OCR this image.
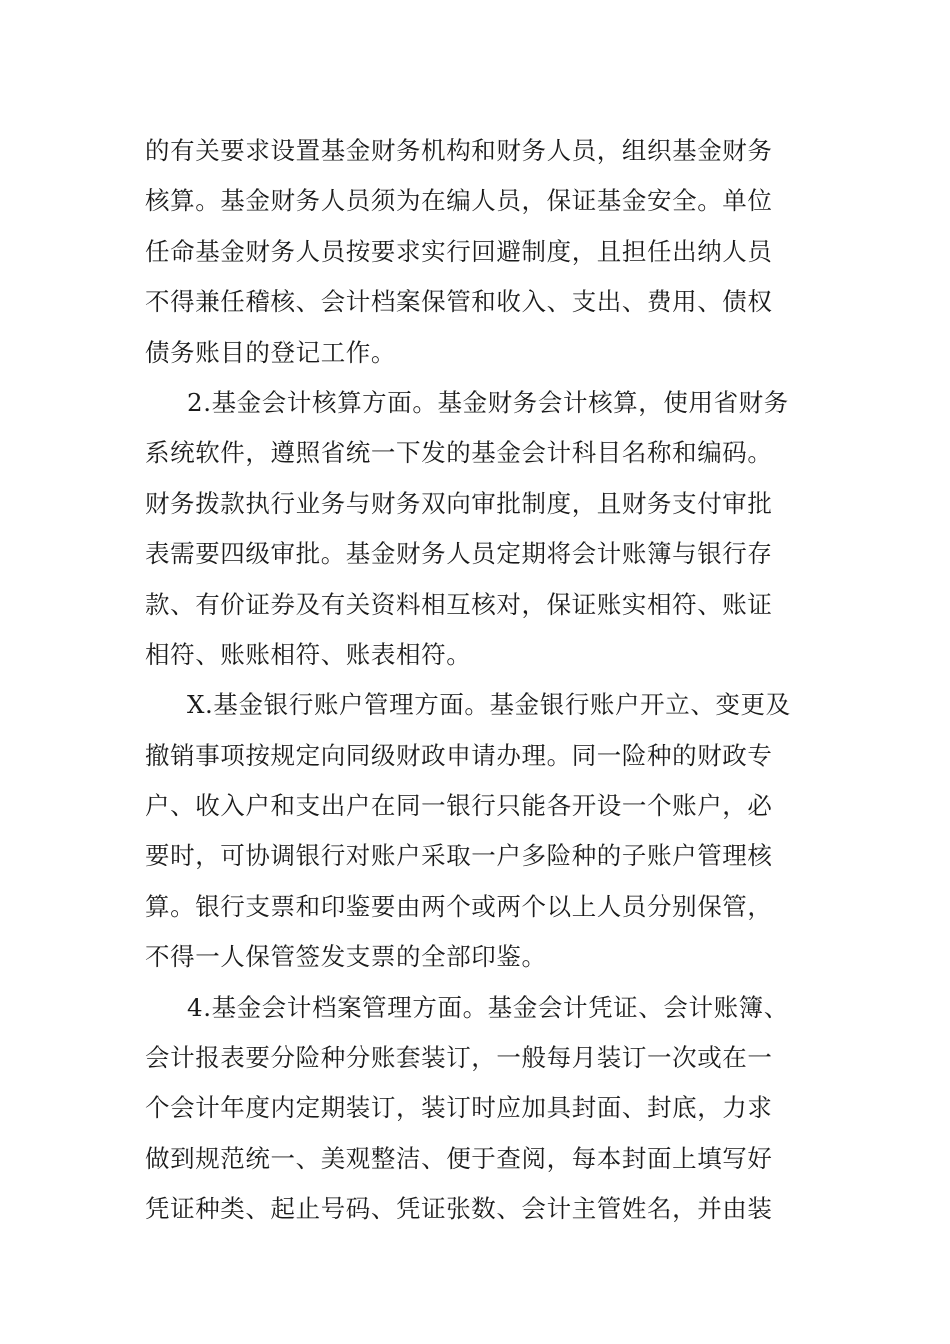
的有关要求设置基金财务机构和财务人员，组织基金财务
核算。基金财务人员须为在编人员，保证基金安全。单位
任命基金财务人员按要求实行回避制度，且担任出纳人员
不得兼任稽核、会计档案保管和收入、支出、费用、债权
债务账目的登记工作。
2.基金会计核算方面。基金财务会计核算，使用省财务
系统软件，遵照省统一下发的基金会计科目名称和编码。
财务拨款执行业务与财务双向审批制度，且财务支付审批
表需要四级审批。基金财务人员定期将会计账簿与银行存
款、有价证券及有关资料相互核对，保证账实相符、账证
相符、账账相符、账表相符。
X.基金银行账户管理方面。基金银行账户开立、变更及
撤销事项按规定向同级财政申请办理。同一险种的财政专
户、收入户和支出户在同一银行只能各开设一个账户，必
要时，可协调银行对账户采取一户多险种的子账户管理核
算。银行支票和印鉴要由两个或两个以上人员分别保管，
不得一人保管签发支票的全部印鉴。
4.基金会计档案管理方面。基金会计凭证、会计账簿、
会计报表要分险种分账套装订，一般每月装订一次或在一
个会计年度内定期装订，装订时应加具封面、封底，力求
做到规范统一、美观整洁、便于查阅，每本封面上填写好
凭证种类、起止号码、凭证张数、会计主管姓名，并由装
